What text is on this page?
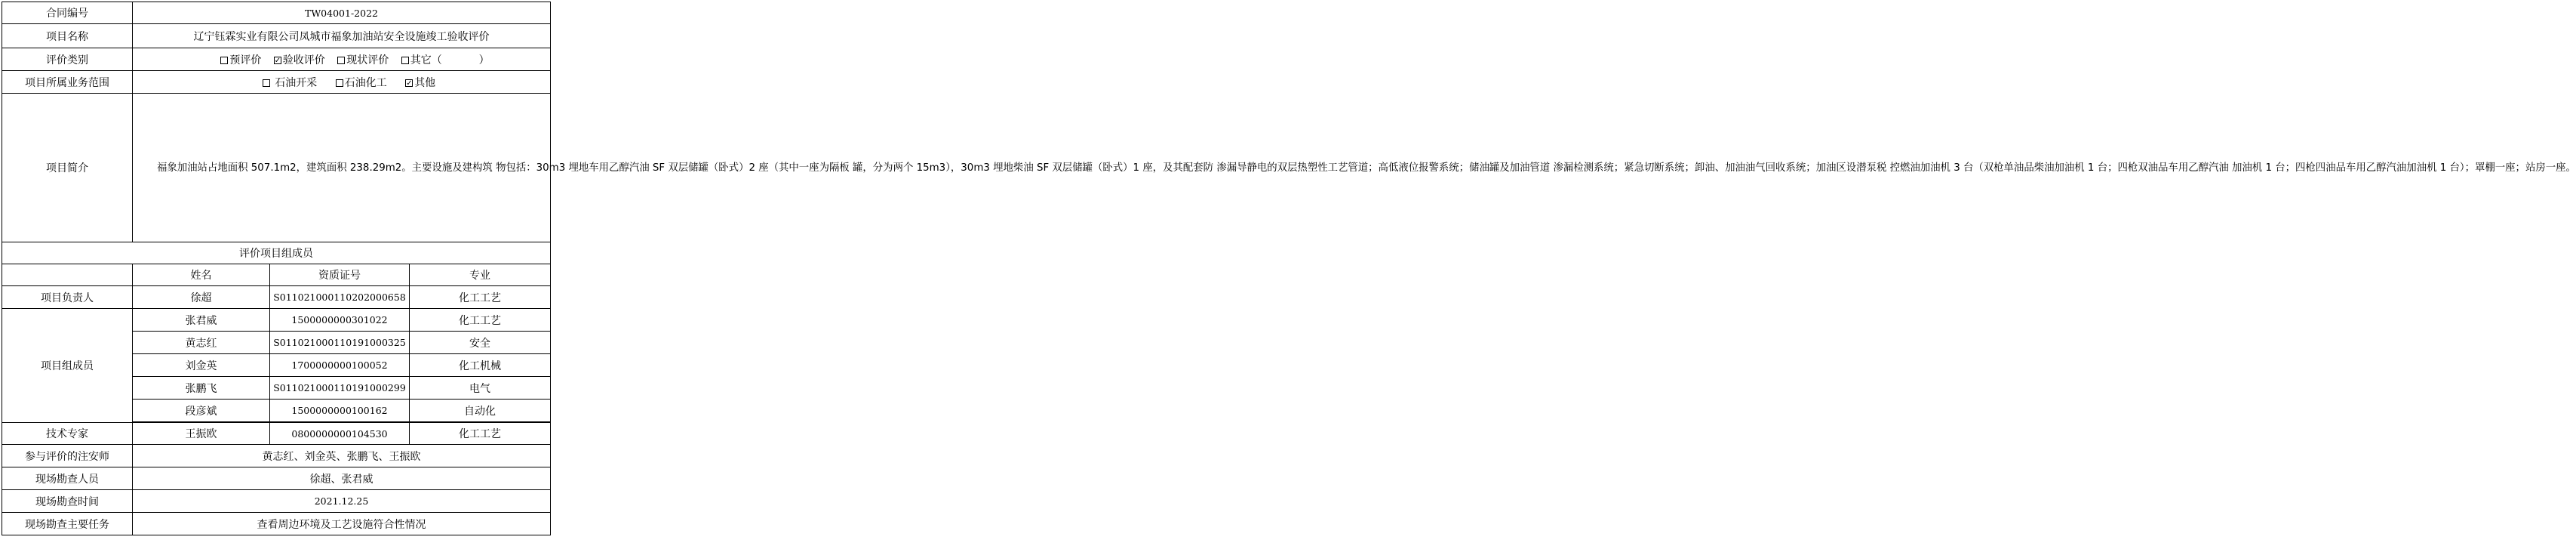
合同编号	TW04001-2022		
项目名称	辽宁钰霖实业有限公司凤城市福象加油站安全设施竣工验收评价		
评价类别	预评价 ✓ 验收评价 现状评价 其它（           ）
项目所属业务范围	石油开采 石油化工 ✓ 其他
项目简介	福象加油站占地面积 507.1m2，建筑面积 238.29m2。主要设施及建构筑 物包括：30m3 埋地车用乙醇汽油 SF 双层储罐（卧式）2 座（其中一座为隔板 罐，分为两个 15m3），30m3 埋地柴油 SF 双层储罐（卧式）1 座，及其配套防 渗漏导静电的双层热塑性工艺管道；高低液位报警系统；储油罐及加油管道 渗漏检测系统；紧急切断系统；卸油、加油油气回收系统；加油区设潜泵税 控燃油加油机 3 台（双枪单油品柴油加油机 1 台；四枪双油品车用乙醇汽油 加油机 1 台；四枪四油品车用乙醇汽油加油机 1 台）；罩棚一座；站房一座。		
评价项目组成员			
	姓名	资质证号	专业
项目负责人	徐超	S011021000110202000658	化工工艺
项目组成员	张君威	1500000000301022	化工工艺
	黄志红	S011021000110191000325	安全
	刘金英	1700000000100052	化工机械
	张鹏飞	S011021000110191000299	电气
	段彦斌	1500000000100162	自动化

技术专家	王振欧	0800000000104530	化工工艺
参与评价的注安师	黄志红、刘金英、张鹏飞、王振欧		
现场勘查人员	徐超、张君威		
现场勘查时间	2021.12.25		
现场勘查主要任务	查看周边环境及工艺设施符合性情况		
